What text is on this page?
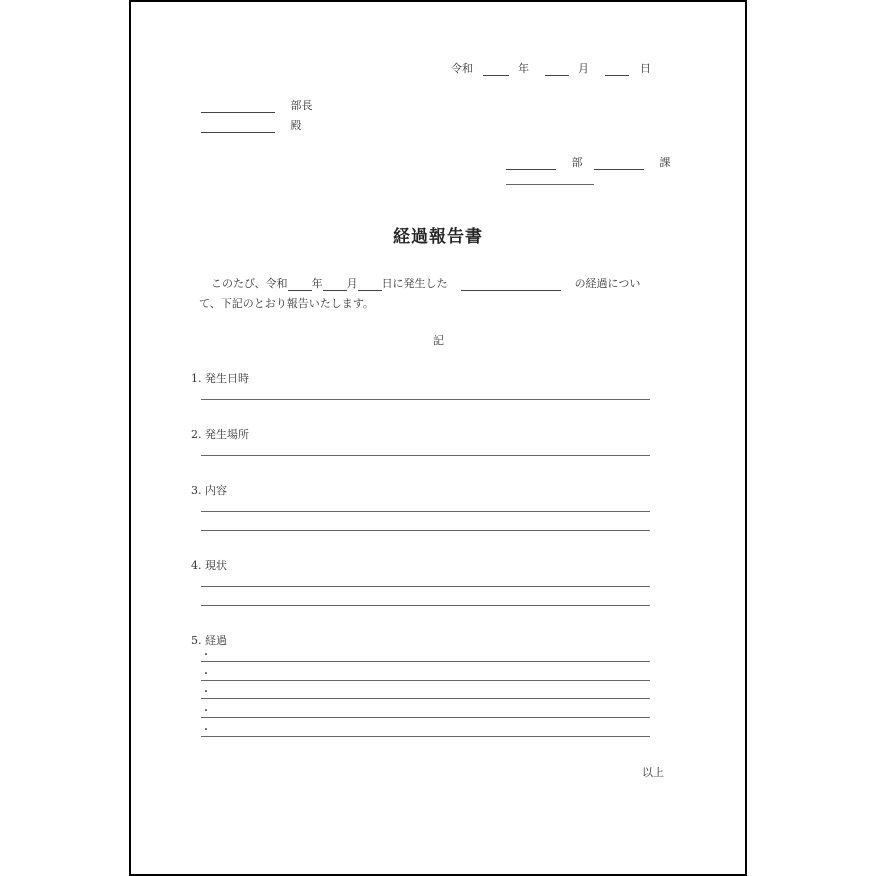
令和	年	月	日
部長
殿
部	課
経過報告書
このたび、令和 年 月 日に発生した	の経過につい
て、下記のとおり報告いたします。
記
1. 発生日時
2. 発生場所
3. 内容
4. 現状
5. 経過
・
・
・
・
・
以上
